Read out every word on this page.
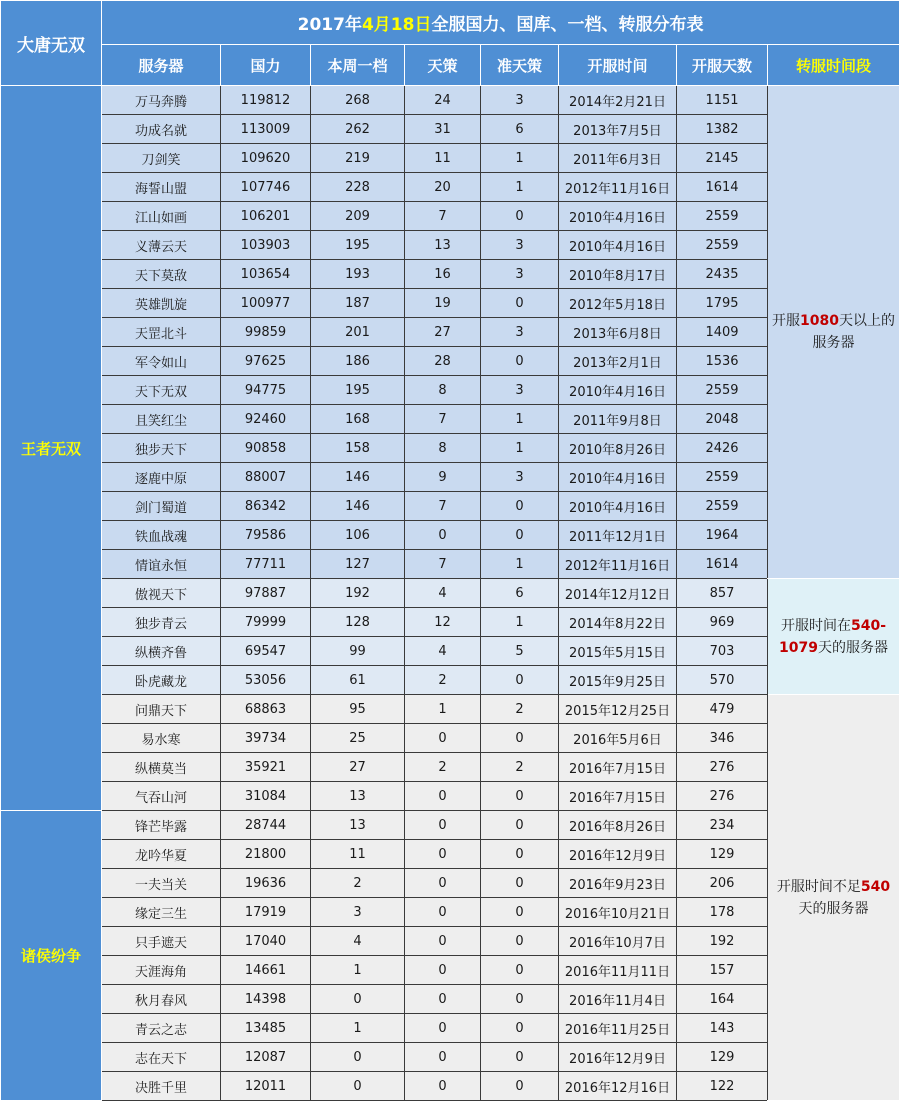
大唐无双	2017年4月18日全服国力、国库、一档、转服分布表							
	服务器	国力	本周一档	天策	准天策	开服时间	开服天数	转服时间段
王者无双	万马奔腾	119812	268	24	3	2014年2月21日	1151	开服1080天以上的服务器
	功成名就	113009	262	31	6	2013年7月5日	1382	
	刀剑笑	109620	219	11	1	2011年6月3日	2145	
	海誓山盟	107746	228	20	1	2012年11月16日	1614	
	江山如画	106201	209	7	0	2010年4月16日	2559	
	义薄云天	103903	195	13	3	2010年4月16日	2559	
	天下莫敌	103654	193	16	3	2010年8月17日	2435	
	英雄凯旋	100977	187	19	0	2012年5月18日	1795	
	天罡北斗	99859	201	27	3	2013年6月8日	1409	
	军令如山	97625	186	28	0	2013年2月1日	1536	
	天下无双	94775	195	8	3	2010年4月16日	2559	
	且笑红尘	92460	168	7	1	2011年9月8日	2048	
	独步天下	90858	158	8	1	2010年8月26日	2426	
	逐鹿中原	88007	146	9	3	2010年4月16日	2559	
	剑门蜀道	86342	146	7	0	2010年4月16日	2559	
	铁血战魂	79586	106	0	0	2011年12月1日	1964	
	情谊永恒	77711	127	7	1	2012年11月16日	1614	
	傲视天下	97887	192	4	6	2014年12月12日	857	开服时间在540-1079天的服务器
	独步青云	79999	128	12	1	2014年8月22日	969	
	纵横齐鲁	69547	99	4	5	2015年5月15日	703	
	卧虎藏龙	53056	61	2	0	2015年9月25日	570	
	问鼎天下	68863	95	1	2	2015年12月25日	479	开服时间不足540天的服务器
	易水寒	39734	25	0	0	2016年5月6日	346	
	纵横莫当	35921	27	2	2	2016年7月15日	276	
	气吞山河	31084	13	0	0	2016年7月15日	276	
诸侯纷争	锋芒毕露	28744	13	0	0	2016年8月26日	234	
	龙吟华夏	21800	11	0	0	2016年12月9日	129	
	一夫当关	19636	2	0	0	2016年9月23日	206	
	缘定三生	17919	3	0	0	2016年10月21日	178	
	只手遮天	17040	4	0	0	2016年10月7日	192	
	天涯海角	14661	1	0	0	2016年11月11日	157	
	秋月春风	14398	0	0	0	2016年11月4日	164	
	青云之志	13485	1	0	0	2016年11月25日	143	
	志在天下	12087	0	0	0	2016年12月9日	129	
	决胜千里	12011	0	0	0	2016年12月16日	122	
